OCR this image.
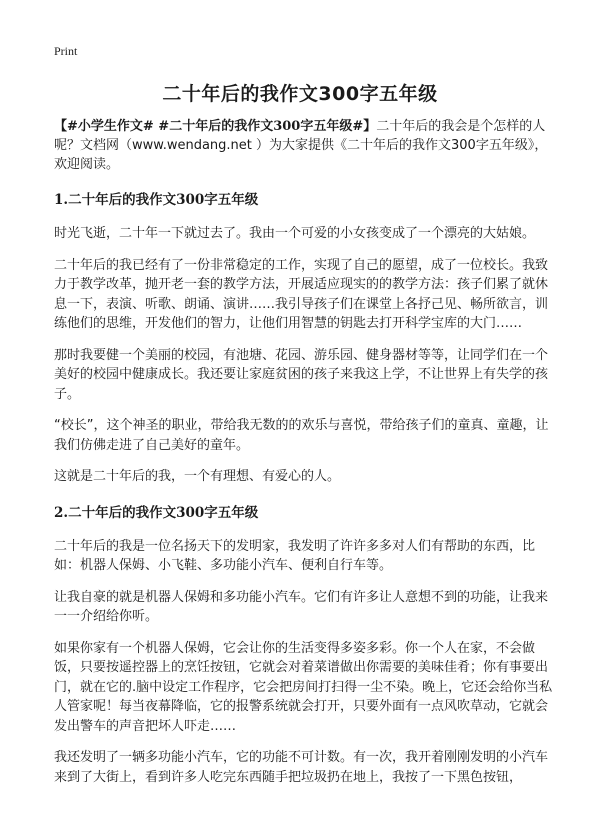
Print
二十年后的我作文300字五年级

【#小学生作文# #二十年后的我作文300字五年级#】二十年后的我会是个怎样的人呢？文档网（www.wendang.net ）为大家提供《二十年后的我作文300字五年级》，欢迎阅读。

1.二十年后的我作文300字五年级

时光飞逝，二十年一下就过去了。我由一个可爱的小女孩变成了一个漂亮的大姑娘。

二十年后的我已经有了一份非常稳定的工作，实现了自己的愿望，成了一位校长。我致力于教学改革，抛开老一套的教学方法，开展适应现实的的教学方法：孩子们累了就休息一下，表演、听歌、朗诵、演讲……我引导孩子们在课堂上各抒己见、畅所欲言，训练他们的思维，开发他们的智力，让他们用智慧的钥匙去打开科学宝库的大门……

那时我要健一个美丽的校园，有池塘、花园、游乐园、健身器材等等，让同学们在一个美好的校园中健康成长。我还要让家庭贫困的孩子来我这上学，不让世界上有失学的孩子。

“校长”，这个神圣的职业，带给我无数的的欢乐与喜悦，带给孩子们的童真、童趣，让我们仿佛走进了自己美好的童年。

这就是二十年后的我，一个有理想、有爱心的人。

2.二十年后的我作文300字五年级

二十年后的我是一位名扬天下的发明家，我发明了许许多多对人们有帮助的东西，比如：机器人保姆、小飞鞋、多功能小汽车、便利自行车等。

让我自豪的就是机器人保姆和多功能小汽车。它们有许多让人意想不到的功能，让我来一一介绍给你听。

如果你家有一个机器人保姆，它会让你的生活变得多姿多彩。你一个人在家，不会做饭，只要按遥控器上的烹饪按钮，它就会对着菜谱做出你需要的美味佳肴；你有事要出门，就在它的.脑中设定工作程序，它会把房间打扫得一尘不染。晚上，它还会给你当私人管家呢！每当夜幕降临，它的报警系统就会打开，只要外面有一点风吹草动，它就会发出警车的声音把坏人吓走……

我还发明了一辆多功能小汽车，它的功能不可计数。有一次，我开着刚刚发明的小汽车来到了大街上，看到许多人吃完东西随手把垃圾扔在地上，我按了一下黑色按钮，
